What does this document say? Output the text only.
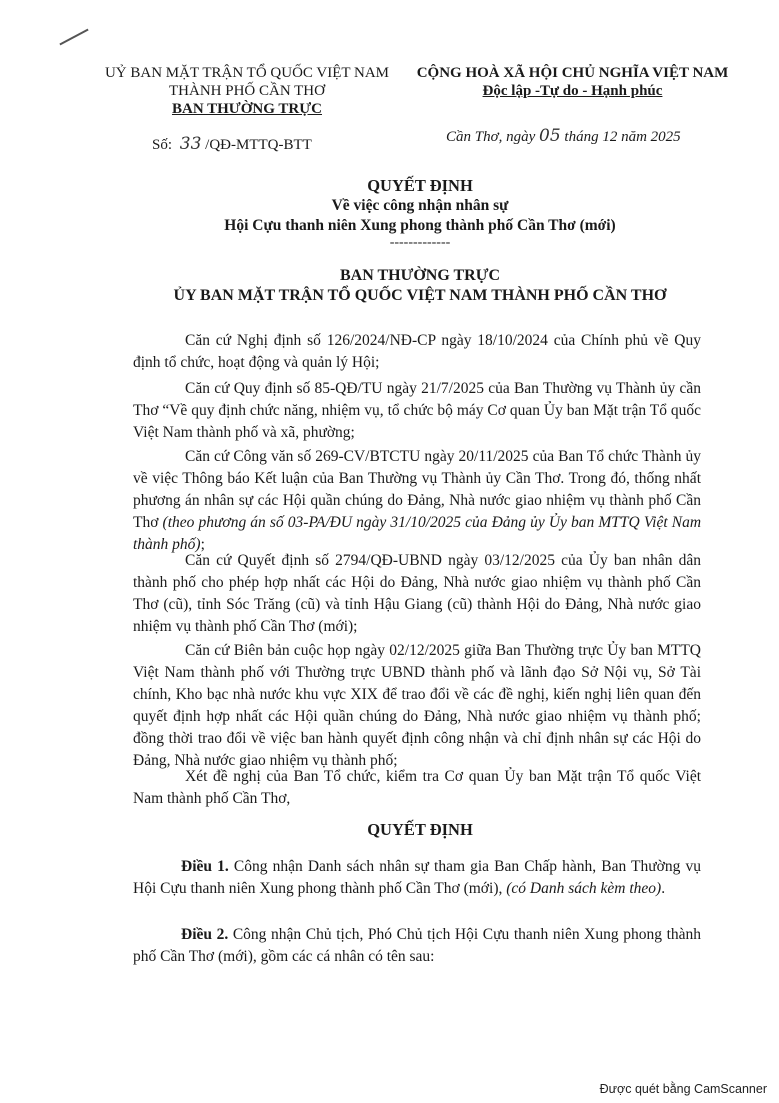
UỶ BAN MẶT TRẬN TỔ QUỐC VIỆT NAM
THÀNH PHỐ CẦN THƠ
BAN THƯỜNG TRỰC
Số: 33 /QĐ-MTTQ-BTT
CỘNG HOÀ XÃ HỘI CHỦ NGHĨA VIỆT NAM
Độc lập -Tự do - Hạnh phúc
Cần Thơ, ngày 05 tháng 12 năm 2025
QUYẾT ĐỊNH
Về việc công nhận nhân sự
Hội Cựu thanh niên Xung phong thành phố Cần Thơ (mới)
-------------
BAN THƯỜNG TRỰC
ỦY BAN MẶT TRẬN TỔ QUỐC VIỆT NAM THÀNH PHỐ CẦN THƠ
Căn cứ Nghị định số 126/2024/NĐ-CP ngày 18/10/2024 của Chính phủ về Quy định tổ chức, hoạt động và quản lý Hội;
Căn cứ Quy định số 85-QĐ/TU ngày 21/7/2025 của Ban Thường vụ Thành ủy cần Thơ “Về quy định chức năng, nhiệm vụ, tổ chức bộ máy Cơ quan Ủy ban Mặt trận Tổ quốc Việt Nam thành phố và xã, phường;
Căn cứ Công văn số 269-CV/BTCTU ngày 20/11/2025 của Ban Tổ chức Thành ủy về việc Thông báo Kết luận của Ban Thường vụ Thành ủy Cần Thơ. Trong đó, thống nhất phương án nhân sự các Hội quần chúng do Đảng, Nhà nước giao nhiệm vụ thành phố Cần Thơ (theo phương án số 03-PA/ĐU ngày 31/10/2025 của Đảng ủy Ủy ban MTTQ Việt Nam thành phố);
Căn cứ Quyết định số 2794/QĐ-UBND ngày 03/12/2025 của Ủy ban nhân dân thành phố cho phép hợp nhất các Hội do Đảng, Nhà nước giao nhiệm vụ thành phố Cần Thơ (cũ), tỉnh Sóc Trăng (cũ) và tỉnh Hậu Giang (cũ) thành Hội do Đảng, Nhà nước giao nhiệm vụ thành phố Cần Thơ (mới);
Căn cứ Biên bản cuộc họp ngày 02/12/2025 giữa Ban Thường trực Ủy ban MTTQ Việt Nam thành phố với Thường trực UBND thành phố và lãnh đạo Sở Nội vụ, Sở Tài chính, Kho bạc nhà nước khu vực XIX để trao đổi về các đề nghị, kiến nghị liên quan đến quyết định hợp nhất các Hội quần chúng do Đảng, Nhà nước giao nhiệm vụ thành phố; đồng thời trao đổi về việc ban hành quyết định công nhận và chỉ định nhân sự các Hội do Đảng, Nhà nước giao nhiệm vụ thành phố;
Xét đề nghị của Ban Tổ chức, kiểm tra Cơ quan Ủy ban Mặt trận Tổ quốc Việt Nam thành phố Cần Thơ,
QUYẾT ĐỊNH
Điều 1. Công nhận Danh sách nhân sự tham gia Ban Chấp hành, Ban Thường vụ Hội Cựu thanh niên Xung phong thành phố Cần Thơ (mới), (có Danh sách kèm theo).
Điều 2. Công nhận Chủ tịch, Phó Chủ tịch Hội Cựu thanh niên Xung phong thành phố Cần Thơ (mới), gồm các cá nhân có tên sau:
Được quét bằng CamScanner
